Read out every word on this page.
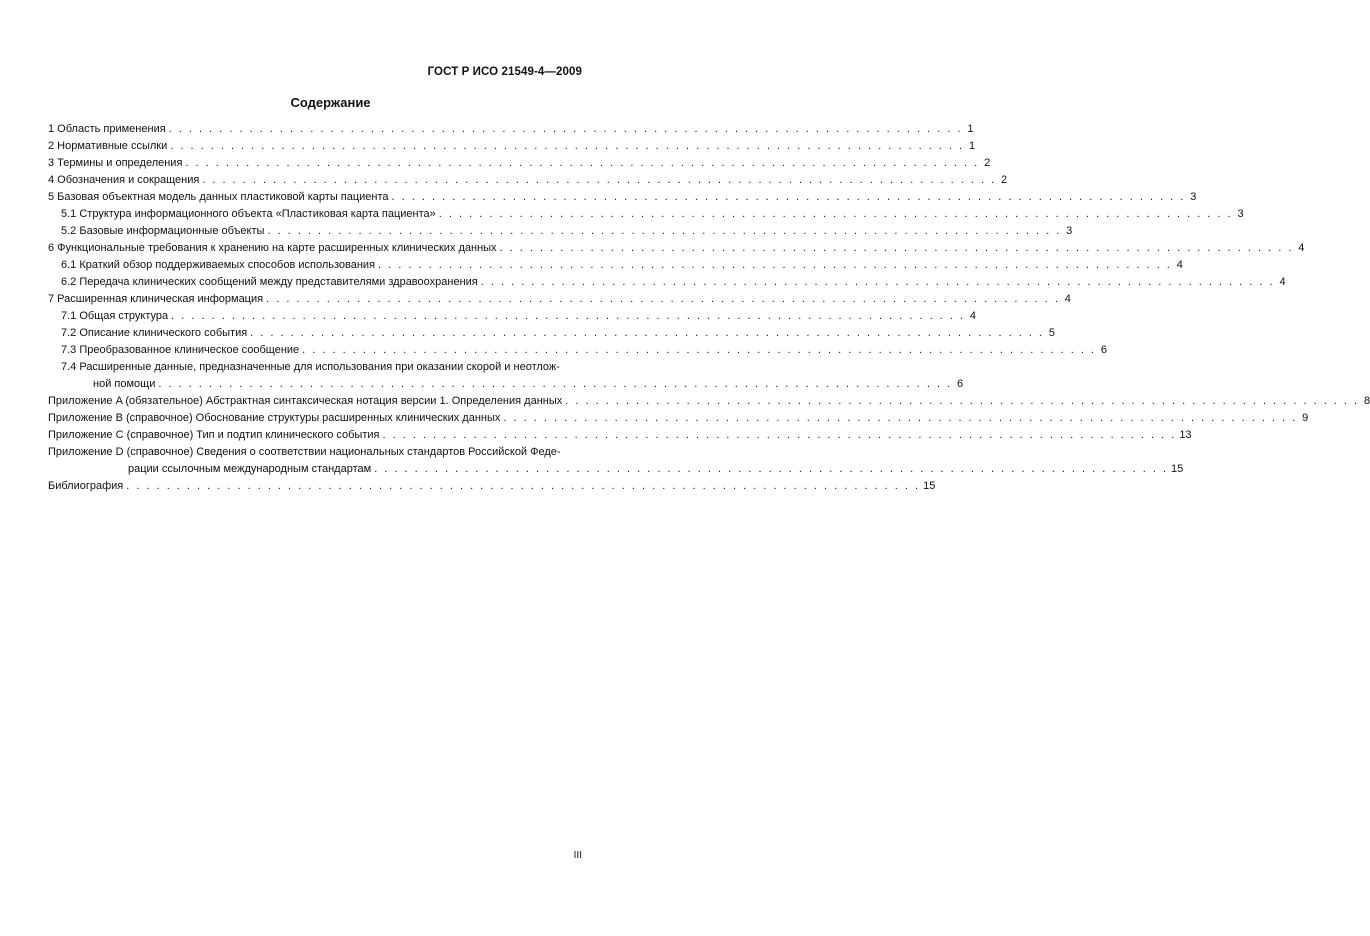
ГОСТ Р ИСО 21549-4—2009
Содержание
1 Область применения . . . . . . . . . . . . . . . . . . . . . . . . . . . . . . . . . . . . . . . . . . . . . . . . . . . . . . . . . . . . . . . . . . . . . . . . . . . . . . . 1
2 Нормативные ссылки . . . . . . . . . . . . . . . . . . . . . . . . . . . . . . . . . . . . . . . . . . . . . . . . . . . . . . . . . . . . . . . . . . . . . . . . . . . . . . . 1
3 Термины и определения . . . . . . . . . . . . . . . . . . . . . . . . . . . . . . . . . . . . . . . . . . . . . . . . . . . . . . . . . . . . . . . . . . . . . . . . . . . . . . . 2
4 Обозначения и сокращения . . . . . . . . . . . . . . . . . . . . . . . . . . . . . . . . . . . . . . . . . . . . . . . . . . . . . . . . . . . . . . . . . . . . . . . . . . . . . . . 2
5 Базовая объектная модель данных пластиковой карты пациента . . . . . . . . . . . . . . . . . . . . . . . . . . . . . . . . . . . . . . . . . . . . . . . . . . . . . . . . . . . . . . . . . . . . . . . . . . . . . . . 3
5.1 Структура информационного объекта «Пластиковая карта пациента» . . . . . . . . . . . . . . . . . . . . . . . . . . . . . . . . . . . . . . . . . . . . . . . . . . . . . . . . . . . . . . . . . . . . . . . . . . . . . . . 3
5.2 Базовые информационные объекты . . . . . . . . . . . . . . . . . . . . . . . . . . . . . . . . . . . . . . . . . . . . . . . . . . . . . . . . . . . . . . . . . . . . . . . . . . . . . . . 3
6 Функциональные требования к хранению на карте расширенных клинических данных . . . . . . . . . . . . . . . . . . . . . . . . . . . . . . . . . . . . . . . . . . . . . . . . . . . . . . . . . . . . . . . . . . . . . . . . . . . . . . . 4
6.1 Краткий обзор поддерживаемых способов использования . . . . . . . . . . . . . . . . . . . . . . . . . . . . . . . . . . . . . . . . . . . . . . . . . . . . . . . . . . . . . . . . . . . . . . . . . . . . . . . 4
6.2 Передача клинических сообщений между представителями здравоохранения . . . . . . . . . . . . . . . . . . . . . . . . . . . . . . . . . . . . . . . . . . . . . . . . . . . . . . . . . . . . . . . . . . . . . . . . . . . . . . . 4
7 Расширенная клиническая информация . . . . . . . . . . . . . . . . . . . . . . . . . . . . . . . . . . . . . . . . . . . . . . . . . . . . . . . . . . . . . . . . . . . . . . . . . . . . . . . 4
7.1 Общая структура . . . . . . . . . . . . . . . . . . . . . . . . . . . . . . . . . . . . . . . . . . . . . . . . . . . . . . . . . . . . . . . . . . . . . . . . . . . . . . . 4
7.2 Описание клинического события . . . . . . . . . . . . . . . . . . . . . . . . . . . . . . . . . . . . . . . . . . . . . . . . . . . . . . . . . . . . . . . . . . . . . . . . . . . . . . . 5
7.3 Преобразованное клиническое сообщение . . . . . . . . . . . . . . . . . . . . . . . . . . . . . . . . . . . . . . . . . . . . . . . . . . . . . . . . . . . . . . . . . . . . . . . . . . . . . . . 6
7.4 Расширенные данные, предназначенные для использования при оказании скорой и неотлож-
ной помощи . . . . . . . . . . . . . . . . . . . . . . . . . . . . . . . . . . . . . . . . . . . . . . . . . . . . . . . . . . . . . . . . . . . . . . . . . . . . . . . 6
Приложение A (обязательное) Абстрактная синтаксическая нотация версии 1. Определения данных . . . . . . . . . . . . . . . . . . . . . . . . . . . . . . . . . . . . . . . . . . . . . . . . . . . . . . . . . . . . . . . . . . . . . . . . . . . . . . . 8
Приложение B (справочное) Обоснование структуры расширенных клинических данных . . . . . . . . . . . . . . . . . . . . . . . . . . . . . . . . . . . . . . . . . . . . . . . . . . . . . . . . . . . . . . . . . . . . . . . . . . . . . . . 9
Приложение C (справочное) Тип и подтип клинического события . . . . . . . . . . . . . . . . . . . . . . . . . . . . . . . . . . . . . . . . . . . . . . . . . . . . . . . . . . . . . . . . . . . . . . . . . . . . . . . 13
Приложение D (справочное) Сведения о соответствии национальных стандартов Российской Феде-
рации ссылочным международным стандартам . . . . . . . . . . . . . . . . . . . . . . . . . . . . . . . . . . . . . . . . . . . . . . . . . . . . . . . . . . . . . . . . . . . . . . . . . . . . . . . 15
Библиография . . . . . . . . . . . . . . . . . . . . . . . . . . . . . . . . . . . . . . . . . . . . . . . . . . . . . . . . . . . . . . . . . . . . . . . . . . . . . . . 15
III
